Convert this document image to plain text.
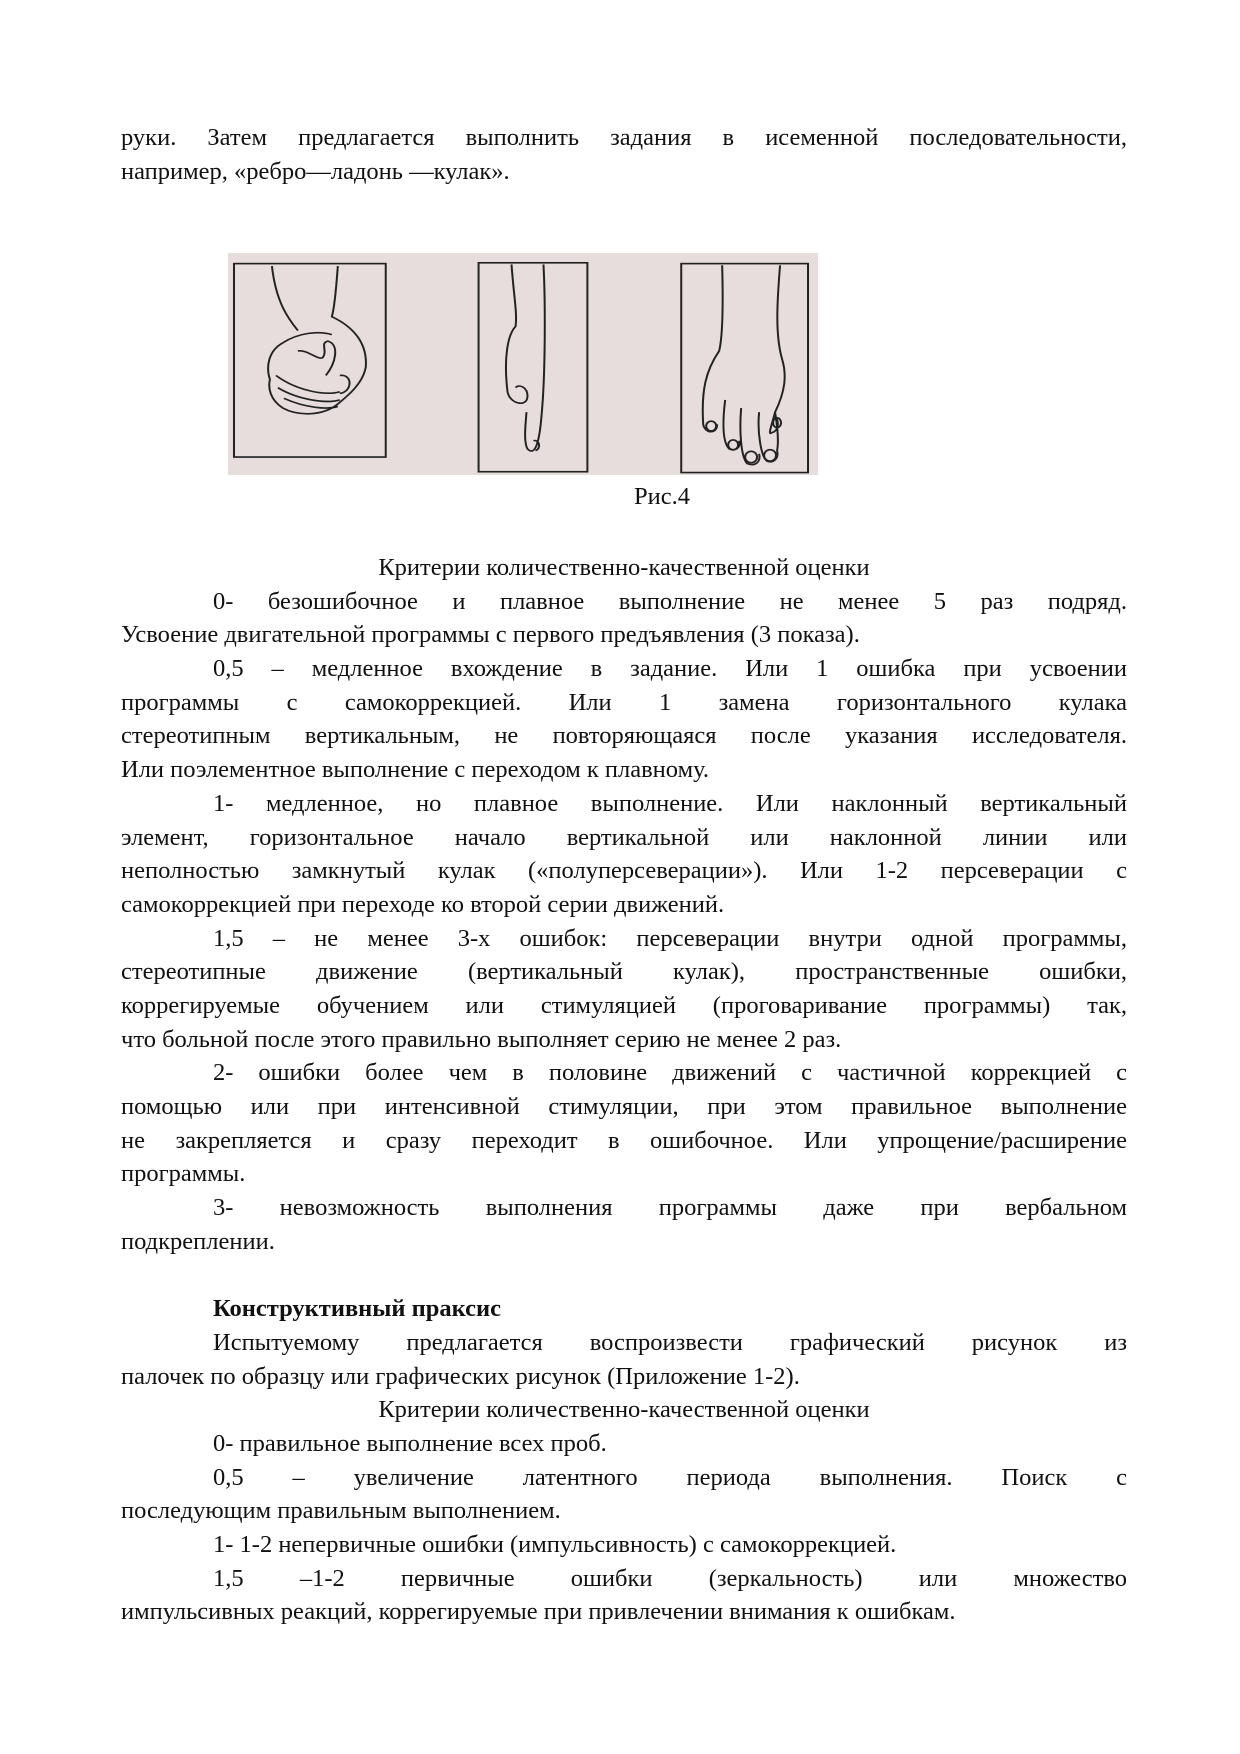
руки. Затем предлагается выполнить задания в исеменной последовательности,
например, «ребро—ладонь —кулак».
Рис.4
Критерии количественно-качественной оценки
0- безошибочное и плавное выполнение не менее 5 раз подряд.
Усвоение двигательной программы с первого предъявления (3 показа).
0,5 – медленное вхождение в задание. Или 1 ошибка при усвоении
программы с самокоррекцией. Или 1 замена горизонтального кулака
стереотипным вертикальным, не повторяющаяся после указания исследователя.
Или поэлементное выполнение с переходом к плавному.
1- медленное, но плавное выполнение. Или наклонный вертикальный
элемент, горизонтальное начало вертикальной или наклонной линии или
неполностью замкнутый кулак («полуперсеверации»). Или 1-2 персеверации с
самокоррекцией при переходе ко второй серии движений.
1,5 – не менее 3-х ошибок: персеверации внутри одной программы,
стереотипные движение (вертикальный кулак), пространственные ошибки,
коррегируемые обучением или стимуляцией (проговаривание программы) так,
что больной после этого правильно выполняет серию не менее 2 раз.
2- ошибки более чем в половине движений с частичной коррекцией с
помощью или при интенсивной стимуляции, при этом правильное выполнение
не закрепляется и сразу переходит в ошибочное. Или упрощение/расширение
программы.
3- невозможность выполнения программы даже при вербальном
подкреплении.
Конструктивный праксис
Испытуемому предлагается воспроизвести графический рисунок из
палочек по образцу или графических рисунок (Приложение 1-2).
Критерии количественно-качественной оценки
0- правильное выполнение всех проб.
0,5 – увеличение латентного периода выполнения. Поиск с
последующим правильным выполнением.
1- 1-2 непервичные ошибки (импульсивность) с самокоррекцией.
1,5 –1-2 первичные ошибки (зеркальность) или множество
импульсивных реакций, коррегируемые при привлечении внимания к ошибкам.
